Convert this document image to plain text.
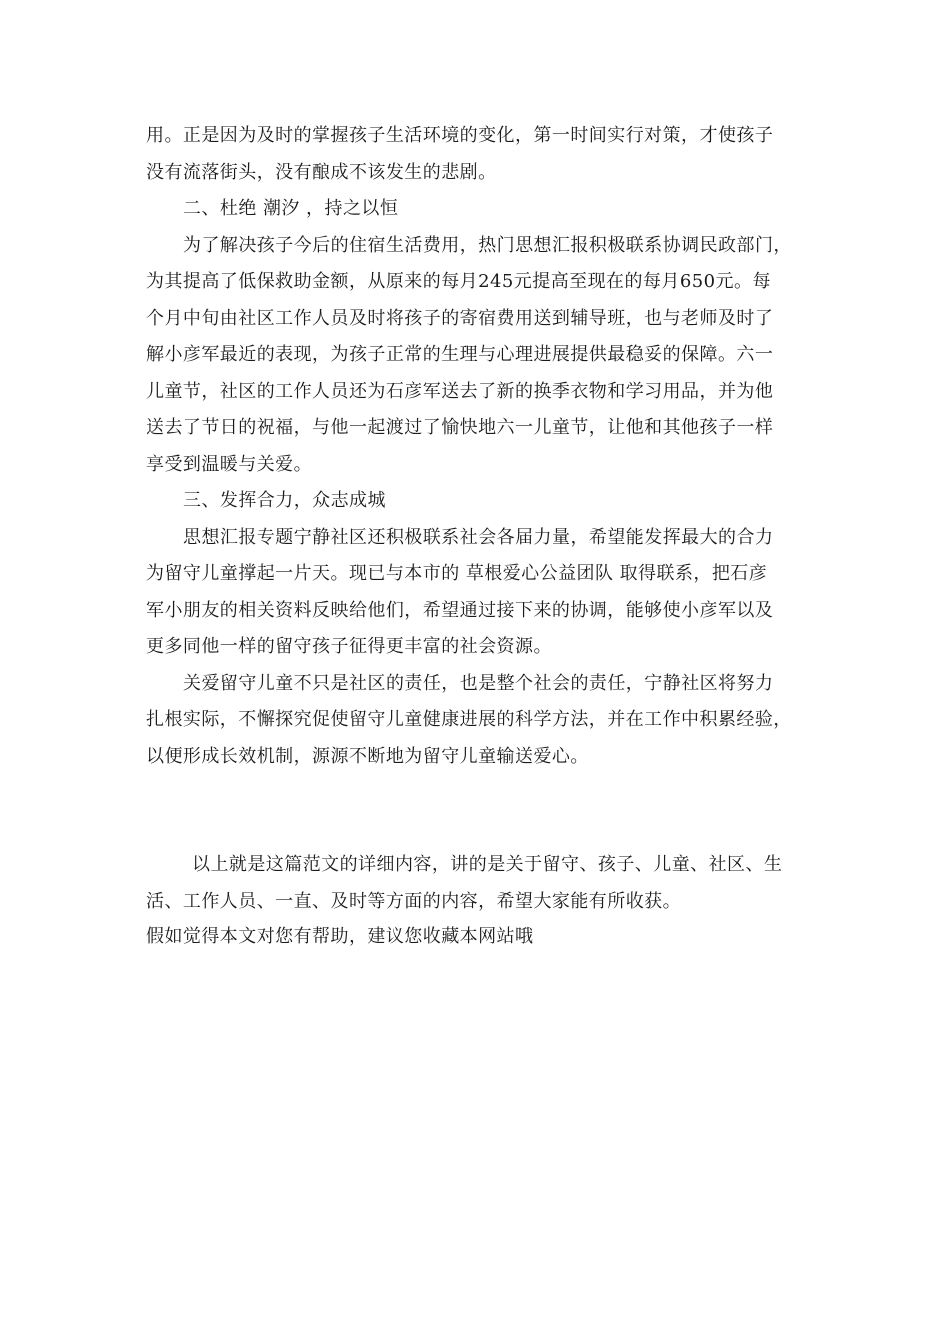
用。正是因为及时的掌握孩子生活环境的变化，第一时间实行对策，才使孩子
没有流落街头，没有酿成不该发生的悲剧。
二、杜绝 潮汐 ，持之以恒
为了解决孩子今后的住宿生活费用，热门思想汇报积极联系协调民政部门，
为其提高了低保救助金额，从原来的每月245元提高至现在的每月650元。每
个月中旬由社区工作人员及时将孩子的寄宿费用送到辅导班，也与老师及时了
解小彦军最近的表现，为孩子正常的生理与心理进展提供最稳妥的保障。六一
儿童节，社区的工作人员还为石彦军送去了新的换季衣物和学习用品，并为他
送去了节日的祝福，与他一起渡过了愉快地六一儿童节，让他和其他孩子一样
享受到温暖与关爱。
三、发挥合力，众志成城
思想汇报专题宁静社区还积极联系社会各届力量，希望能发挥最大的合力
为留守儿童撑起一片天。现已与本市的 草根爱心公益团队 取得联系，把石彦
军小朋友的相关资料反映给他们，希望通过接下来的协调，能够使小彦军以及
更多同他一样的留守孩子征得更丰富的社会资源。
关爱留守儿童不只是社区的责任，也是整个社会的责任，宁静社区将努力
扎根实际，不懈探究促使留守儿童健康进展的科学方法，并在工作中积累经验，
以便形成长效机制，源源不断地为留守儿童输送爱心。
以上就是这篇范文的详细内容，讲的是关于留守、孩子、儿童、社区、生
活、工作人员、一直、及时等方面的内容，希望大家能有所收获。
假如觉得本文对您有帮助，建议您收藏本网站哦
